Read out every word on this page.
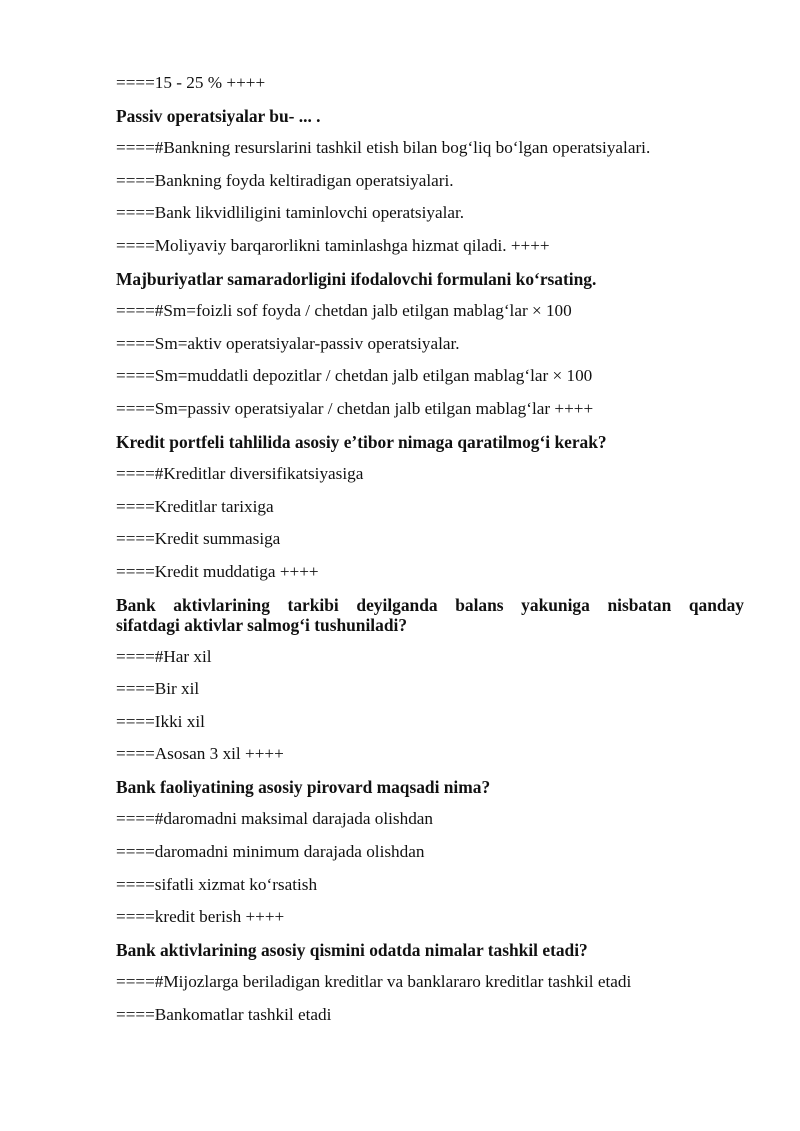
====15 - 25 % ++++
Passiv operatsiyalar bu- ... .
====#Bankning resurslarini tashkil etish bilan bog‘liq bo‘lgan operatsiyalari.
====Bankning foyda keltiradigan operatsiyalari.
====Bank likvidliligini taminlovchi operatsiyalar.
====Moliyaviy barqarorlikni taminlashga hizmat qiladi. ++++
Majburiyatlar samaradorligini ifodalovchi formulani ko‘rsating.
====#Sm=foizli sof foyda / chetdan jalb etilgan mablag‘lar × 100
====Sm=aktiv operatsiyalar-passiv operatsiyalar.
====Sm=muddatli depozitlar / chetdan jalb etilgan mablag‘lar × 100
====Sm=passiv operatsiyalar / chetdan jalb etilgan mablag‘lar ++++
Kredit portfeli tahlilida asosiy e’tibor nimaga qaratilmog‘i kerak?
====#Kreditlar diversifikatsiyasiga
====Kreditlar tarixiga
====Kredit summasiga
====Kredit muddatiga ++++
Bank aktivlarining tarkibi deyilganda balans yakuniga nisbatan qanday
sifatdagi aktivlar salmog‘i tushuniladi?
====#Har xil
====Bir xil
====Ikki xil
====Asosan 3 xil ++++
Bank faoliyatining asosiy pirovard maqsadi nima?
====#daromadni maksimal darajada olishdan
====daromadni minimum darajada olishdan
====sifatli xizmat ko‘rsatish
====kredit berish ++++
Bank aktivlarining asosiy qismini odatda nimalar tashkil etadi?
====#Mijozlarga beriladigan kreditlar va banklararo kreditlar tashkil etadi
====Bankomatlar tashkil etadi
